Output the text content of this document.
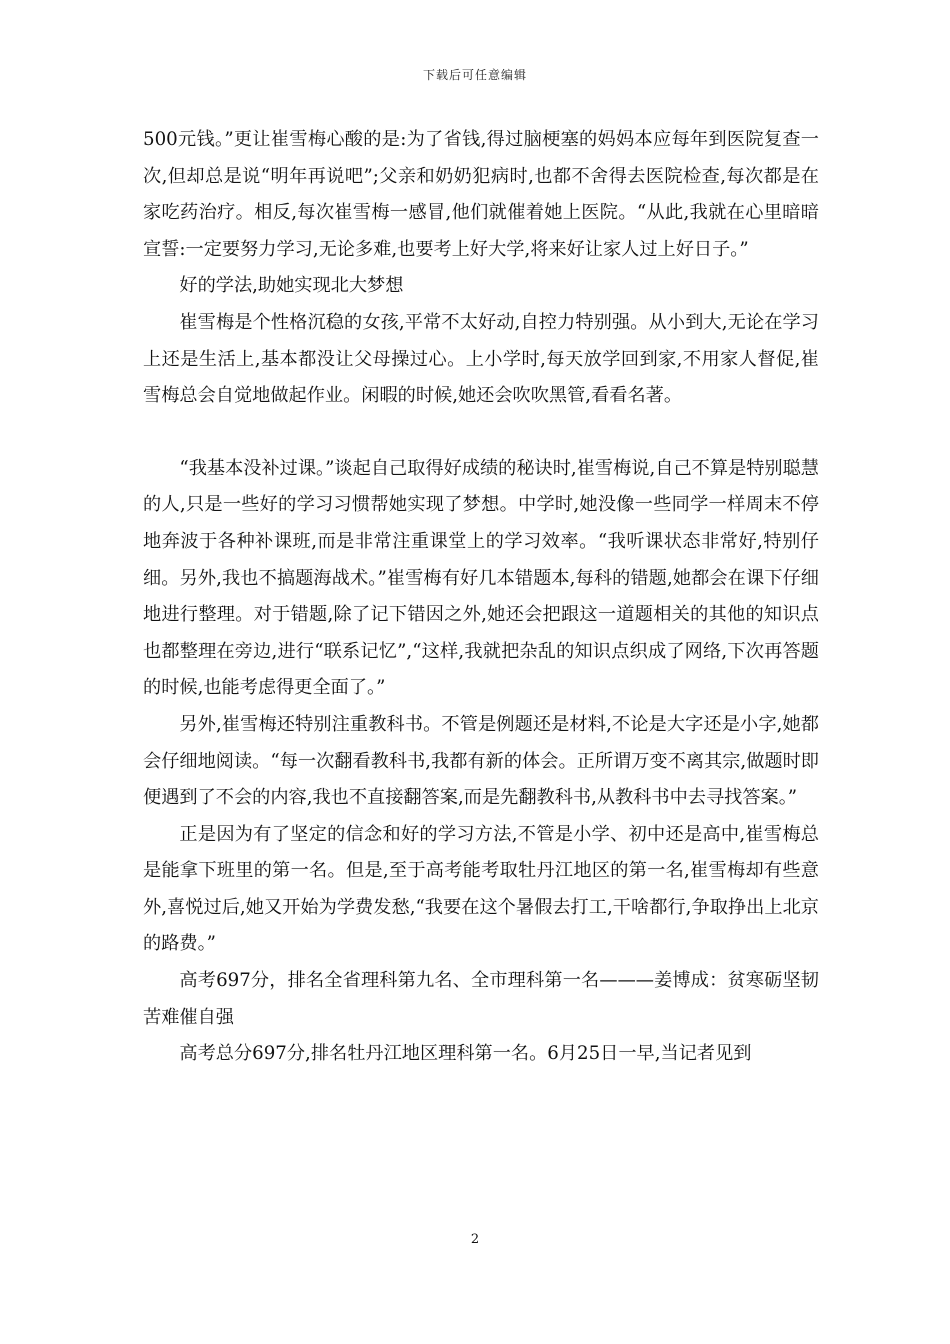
下载后可任意编辑

500元钱。”更让崔雪梅心酸的是:为了省钱,得过脑梗塞的妈妈本应每年到医院复查一次,但却总是说“明年再说吧”;父亲和奶奶犯病时,也都不舍得去医院检查,每次都是在家吃药治疗。相反,每次崔雪梅一感冒,他们就催着她上医院。“从此,我就在心里暗暗宣誓:一定要努力学习,无论多难,也要考上好大学,将来好让家人过上好日子。”

好的学法,助她实现北大梦想

崔雪梅是个性格沉稳的女孩,平常不太好动,自控力特别强。从小到大,无论在学习上还是生活上,基本都没让父母操过心。上小学时,每天放学回到家,不用家人督促,崔雪梅总会自觉地做起作业。闲暇的时候,她还会吹吹黑管,看看名著。

“我基本没补过课。”谈起自己取得好成绩的秘诀时,崔雪梅说,自己不算是特别聪慧的人,只是一些好的学习习惯帮她实现了梦想。中学时,她没像一些同学一样周末不停地奔波于各种补课班,而是非常注重课堂上的学习效率。“我听课状态非常好,特别仔细。另外,我也不搞题海战术。”崔雪梅有好几本错题本,每科的错题,她都会在课下仔细地进行整理。对于错题,除了记下错因之外,她还会把跟这一道题相关的其他的知识点也都整理在旁边,进行“联系记忆”,“这样,我就把杂乱的知识点织成了网络,下次再答题的时候,也能考虑得更全面了。”

另外,崔雪梅还特别注重教科书。不管是例题还是材料,不论是大字还是小字,她都会仔细地阅读。“每一次翻看教科书,我都有新的体会。正所谓万变不离其宗,做题时即便遇到了不会的内容,我也不直接翻答案,而是先翻教科书,从教科书中去寻找答案。”

正是因为有了坚定的信念和好的学习方法,不管是小学、初中还是高中,崔雪梅总是能拿下班里的第一名。但是,至于高考能考取牡丹江地区的第一名,崔雪梅却有些意外,喜悦过后,她又开始为学费发愁,“我要在这个暑假去打工,干啥都行,争取挣出上北京的路费。”

高考697分，排名全省理科第九名、全市理科第一名———姜博成：贫寒砺坚韧苦难催自强

高考总分697分,排名牡丹江地区理科第一名。6月25日一早,当记者见到

2
